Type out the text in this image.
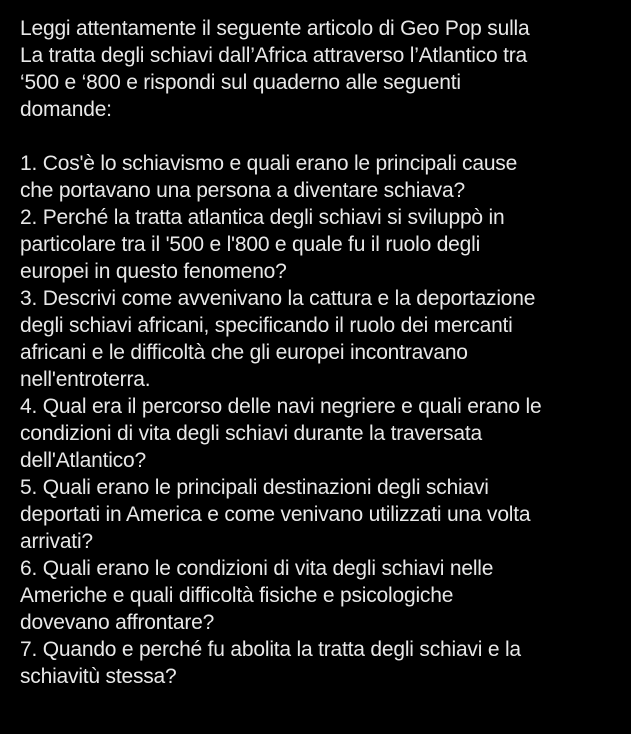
Leggi attentamente il seguente articolo di Geo Pop sulla
La tratta degli schiavi dall’Africa attraverso l’Atlantico tra
‘500 e ‘800 e rispondi sul quaderno alle seguenti
domande:
1. Cos'è lo schiavismo e quali erano le principali cause
che portavano una persona a diventare schiava?
2. Perché la tratta atlantica degli schiavi si sviluppò in
particolare tra il '500 e l'800 e quale fu il ruolo degli
europei in questo fenomeno?
3. Descrivi come avvenivano la cattura e la deportazione
degli schiavi africani, specificando il ruolo dei mercanti
africani e le difficoltà che gli europei incontravano
nell'entroterra.
4. Qual era il percorso delle navi negriere e quali erano le
condizioni di vita degli schiavi durante la traversata
dell'Atlantico?
5. Quali erano le principali destinazioni degli schiavi
deportati in America e come venivano utilizzati una volta
arrivati?
6. Quali erano le condizioni di vita degli schiavi nelle
Americhe e quali difficoltà fisiche e psicologiche
dovevano affrontare?
7. Quando e perché fu abolita la tratta degli schiavi e la
schiavitù stessa?
